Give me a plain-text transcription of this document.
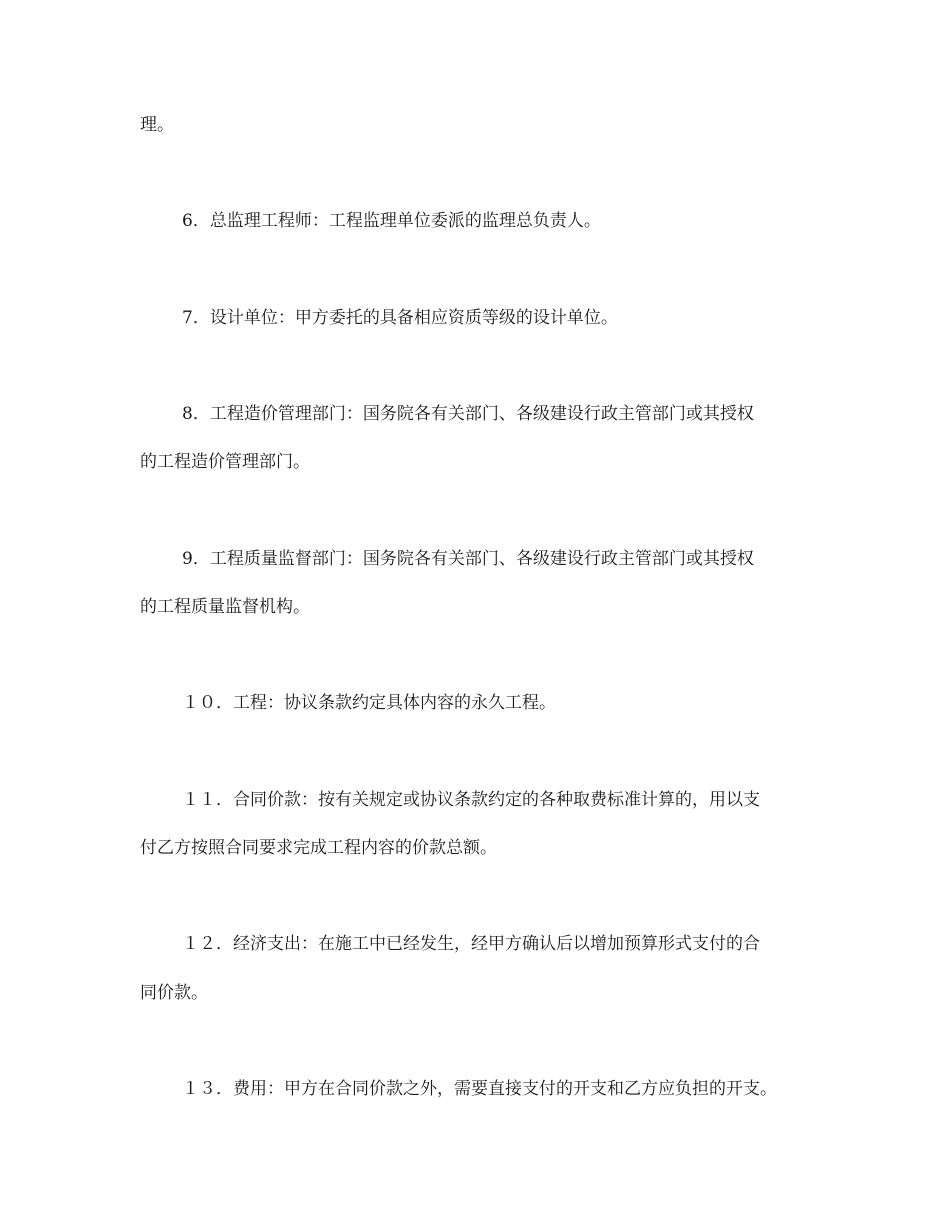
理。
6．总监理工程师：工程监理单位委派的监理总负责人。
7．设计单位：甲方委托的具备相应资质等级的设计单位。
8．工程造价管理部门：国务院各有关部门、各级建设行政主管部门或其授权
的工程造价管理部门。
9．工程质量监督部门：国务院各有关部门、各级建设行政主管部门或其授权
的工程质量监督机构。
１０．工程：协议条款约定具体内容的永久工程。
１１．合同价款：按有关规定或协议条款约定的各种取费标准计算的，用以支
付乙方按照合同要求完成工程内容的价款总额。
１２．经济支出：在施工中已经发生，经甲方确认后以增加预算形式支付的合
同价款。
１３．费用：甲方在合同价款之外，需要直接支付的开支和乙方应负担的开支。
